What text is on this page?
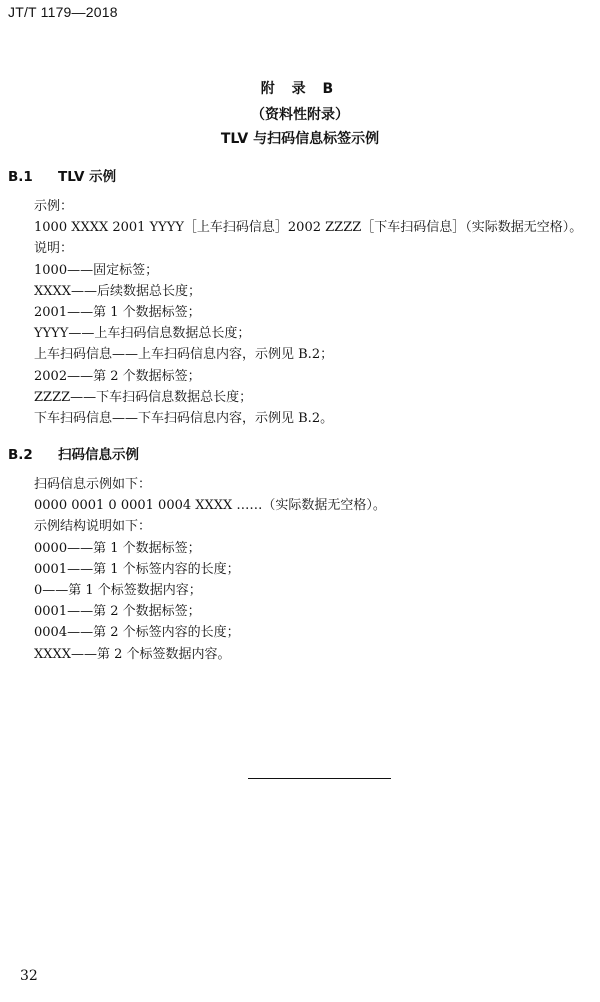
JT/T 1179—2018
附 录 B
（资料性附录）
TLV 与扫码信息标签示例
B.1 TLV 示例
示例：
1000 XXXX 2001 YYYY［上车扫码信息］2002 ZZZZ［下车扫码信息］（实际数据无空格）。
说明：
1000——固定标签；
XXXX——后续数据总长度；
2001——第 1 个数据标签；
YYYY——上车扫码信息数据总长度；
上车扫码信息——上车扫码信息内容，示例见 B.2；
2002——第 2 个数据标签；
ZZZZ——下车扫码信息数据总长度；
下车扫码信息——下车扫码信息内容，示例见 B.2。
B.2 扫码信息示例
扫码信息示例如下：
0000 0001 0 0001 0004 XXXX ……（实际数据无空格）。
示例结构说明如下：
0000——第 1 个数据标签；
0001——第 1 个标签内容的长度；
0——第 1 个标签数据内容；
0001——第 2 个数据标签；
0004——第 2 个标签内容的长度；
XXXX——第 2 个标签数据内容。
32
